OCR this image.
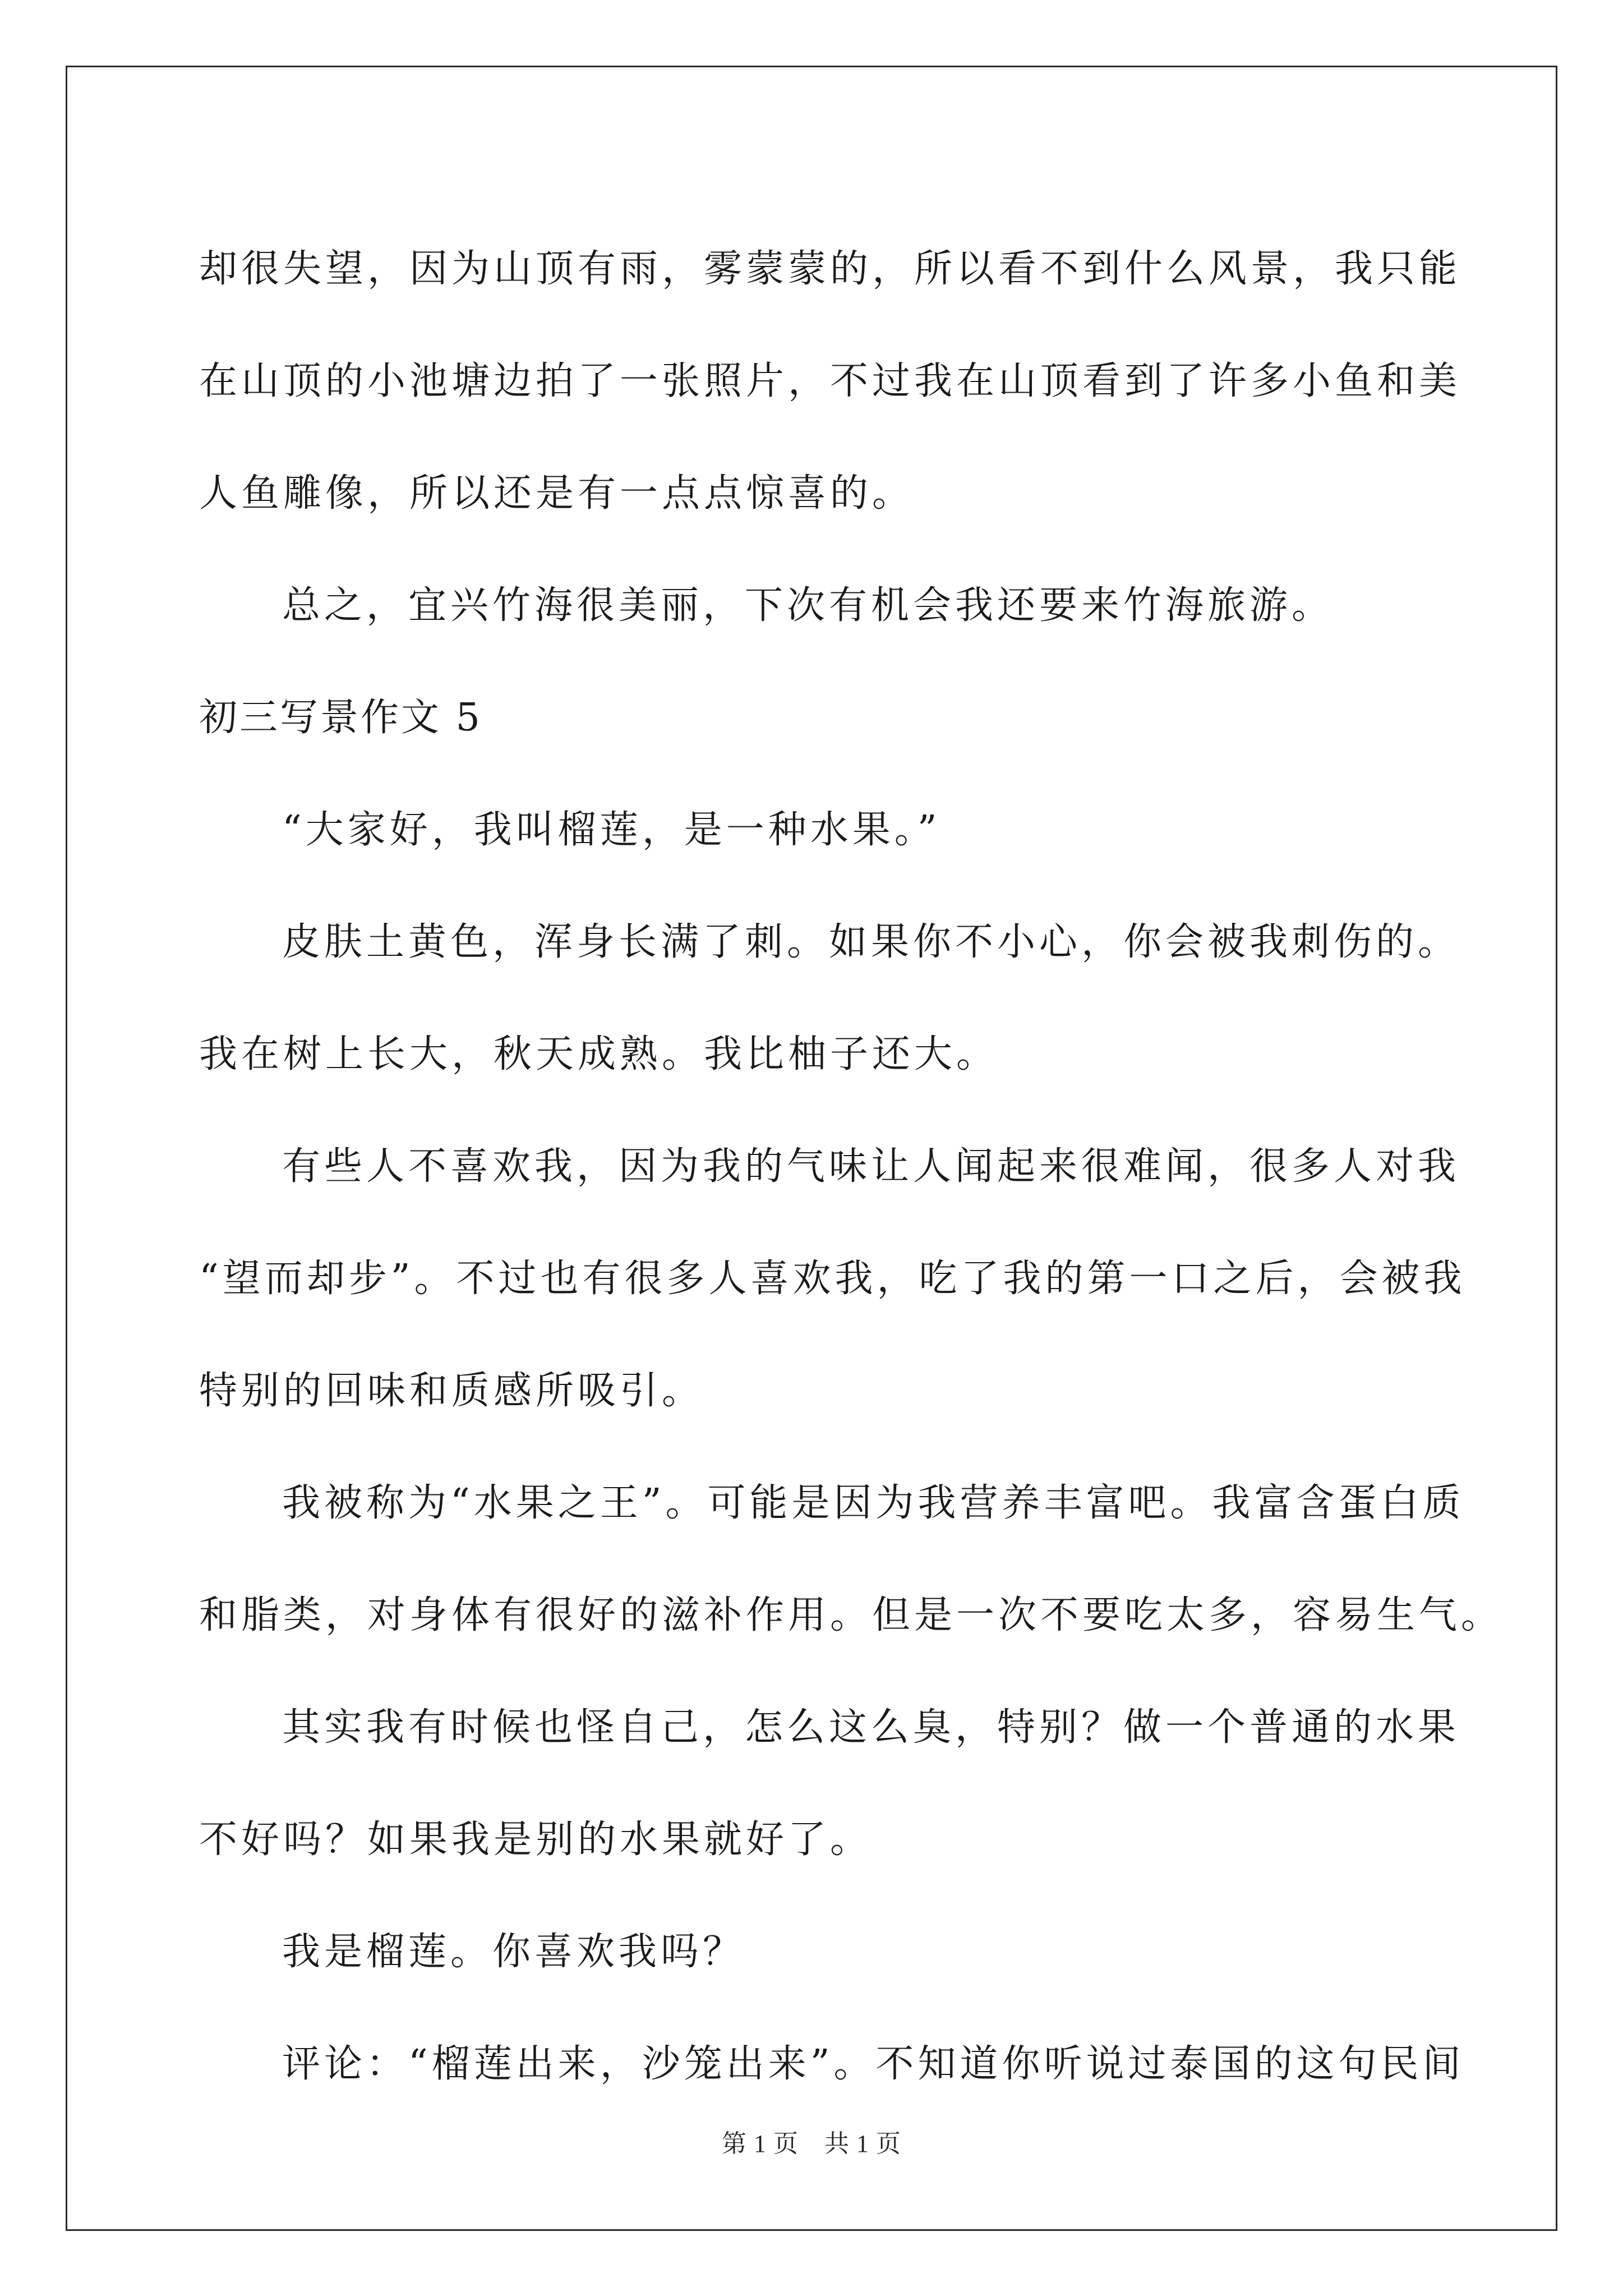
却很失望，因为山顶有雨，雾蒙蒙的，所以看不到什么风景，我只能
在山顶的小池塘边拍了一张照片，不过我在山顶看到了许多小鱼和美
人鱼雕像，所以还是有一点点惊喜的。
总之，宜兴竹海很美丽，下次有机会我还要来竹海旅游。
初三写景作文 5
“大家好，我叫榴莲，是一种水果。”
皮肤土黄色，浑身长满了刺。如果你不小心，你会被我刺伤的。
我在树上长大，秋天成熟。我比柚子还大。
有些人不喜欢我，因为我的气味让人闻起来很难闻，很多人对我
“望而却步”。不过也有很多人喜欢我，吃了我的第一口之后，会被我
特别的回味和质感所吸引。
我被称为“水果之王”。可能是因为我营养丰富吧。我富含蛋白质
和脂类，对身体有很好的滋补作用。但是一次不要吃太多，容易生气。
其实我有时候也怪自己，怎么这么臭，特别？做一个普通的水果
不好吗？如果我是别的水果就好了。
我是榴莲。你喜欢我吗？
评论：“榴莲出来，沙笼出来”。不知道你听说过泰国的这句民间
第 1 页 共 1 页
